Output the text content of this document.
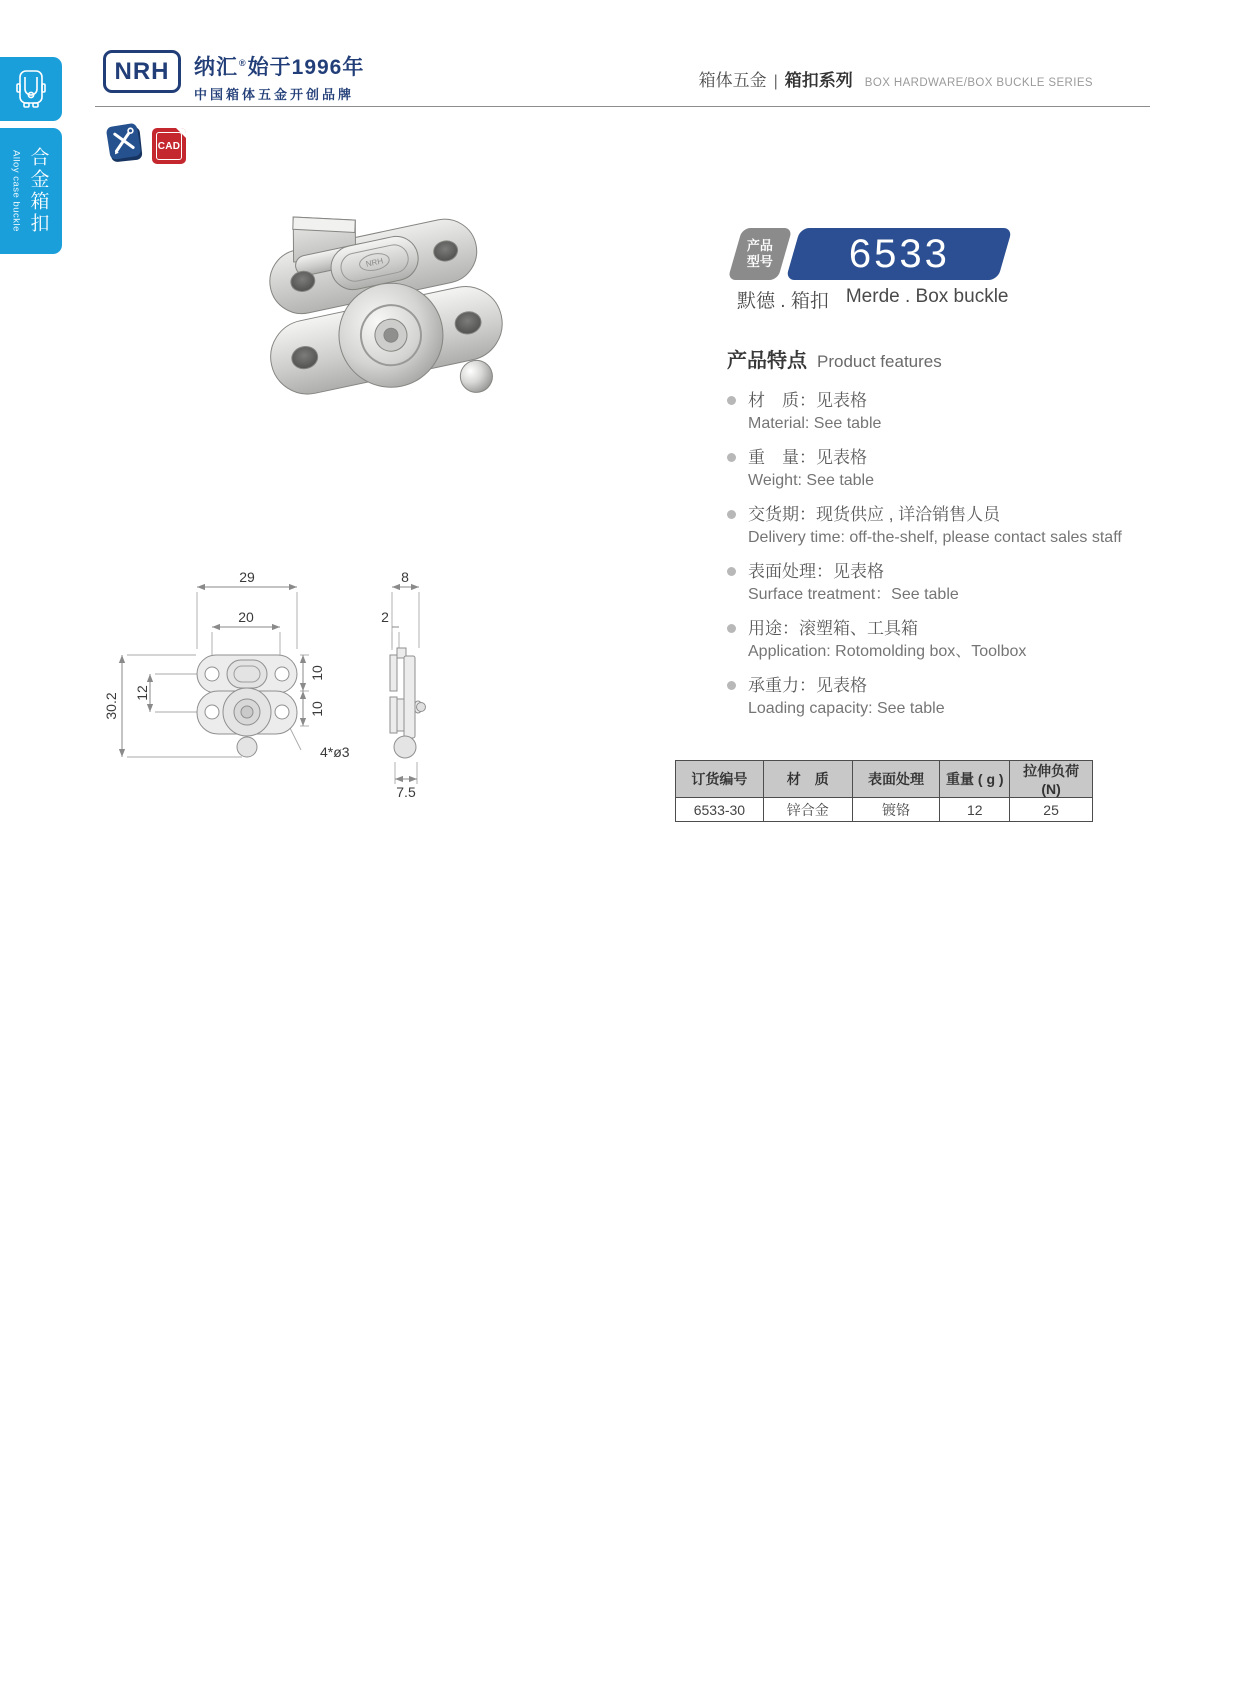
Alloy case buckle 合金箱扣
NRH	纳汇®始于1996年
中国箱体五金开创品牌
箱体五金 | 箱扣系列 BOX HARDWARE/BOX BUCKLE SERIES
CAD
NRH
产品
型号 6533
默德 . 箱扣 Merde . Box buckle
产品特点 Product features
材　质：见表格
Material: See table
重　量：见表格
Weight: See table
交货期：现货供应 , 详洽销售人员
Delivery time: off-the-shelf, please contact sales staff
表面处理：见表格
Surface treatment：See table
用途：滚塑箱、工具箱
Application: Rotomolding box、Toolbox
承重力：见表格
Loading capacity: See table
29
20
12
30.2
10
10
4*ø3
8
2
7.5
订货编号	材　质	表面处理	重量 ( g )	拉伸负荷 (N)
6533-30	锌合金	镀铬	12	25
